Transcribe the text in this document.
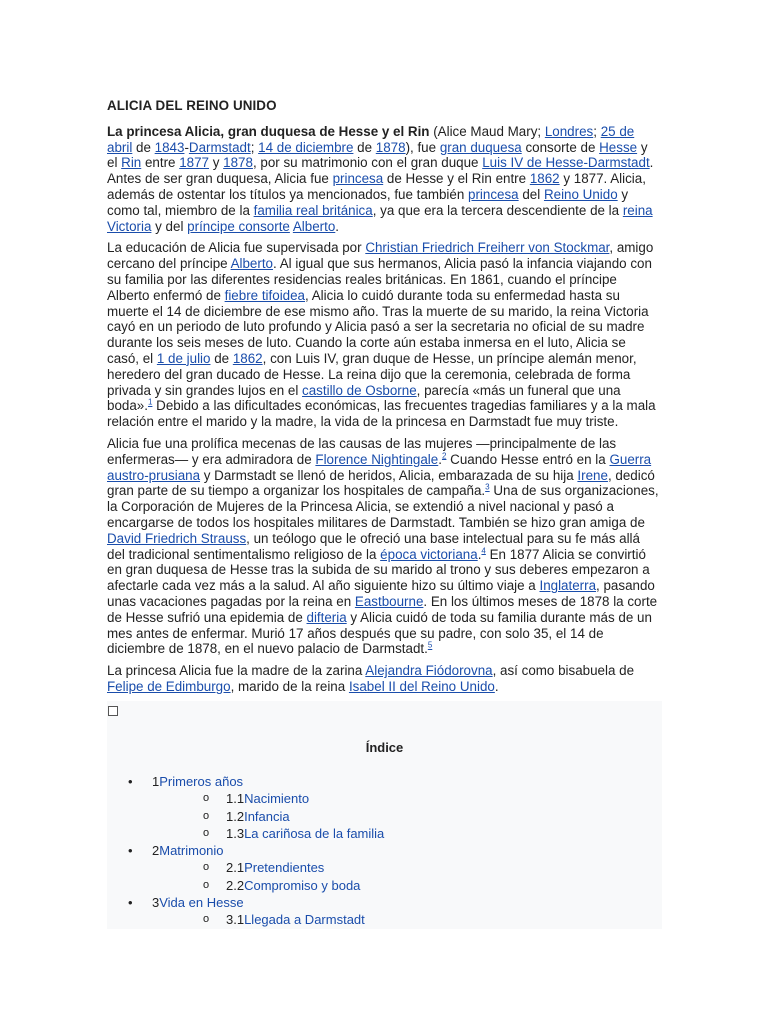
ALICIA DEL REINO UNIDO

La princesa Alicia, gran duquesa de Hesse y el Rin (Alice Maud Mary; Londres; 25 de abril de 1843-Darmstadt; 14 de diciembre de 1878), fue gran duquesa consorte de Hesse y el Rin entre 1877 y 1878, por su matrimonio con el gran duque Luis IV de Hesse-Darmstadt. Antes de ser gran duquesa, Alicia fue princesa de Hesse y el Rin entre 1862 y 1877. Alicia, además de ostentar los títulos ya mencionados, fue también princesa del Reino Unido y como tal, miembro de la familia real británica, ya que era la tercera descendiente de la reina Victoria y del príncipe consorte Alberto.

La educación de Alicia fue supervisada por Christian Friedrich Freiherr von Stockmar, amigo cercano del príncipe Alberto. Al igual que sus hermanos, Alicia pasó la infancia viajando con su familia por las diferentes residencias reales británicas. En 1861, cuando el príncipe Alberto enfermó de fiebre tifoidea, Alicia lo cuidó durante toda su enfermedad hasta su muerte el 14 de diciembre de ese mismo año. Tras la muerte de su marido, la reina Victoria cayó en un periodo de luto profundo y Alicia pasó a ser la secretaria no oficial de su madre durante los seis meses de luto. Cuando la corte aún estaba inmersa en el luto, Alicia se casó, el 1 de julio de 1862, con Luis IV, gran duque de Hesse, un príncipe alemán menor, heredero del gran ducado de Hesse. La reina dijo que la ceremonia, celebrada de forma privada y sin grandes lujos en el castillo de Osborne, parecía «más un funeral que una boda».$^1$ Debido a las dificultades económicas, las frecuentes tragedias familiares y a la mala relación entre el marido y la madre, la vida de la princesa en Darmstadt fue muy triste.

Alicia fue una prolífica mecenas de las causas de las mujeres —principalmente de las enfermeras— y era admiradora de Florence Nightingale.$^2$ Cuando Hesse entró en la Guerra austro-prusiana y Darmstadt se llenó de heridos, Alicia, embarazada de su hija Irene, dedicó gran parte de su tiempo a organizar los hospitales de campaña.$^3$ Una de sus organizaciones, la Corporación de Mujeres de la Princesa Alicia, se extendió a nivel nacional y pasó a encargarse de todos los hospitales militares de Darmstadt. También se hizo gran amiga de David Friedrich Strauss, un teólogo que le ofreció una base intelectual para su fe más allá del tradicional sentimentalismo religioso de la época victoriana.$^4$ En 1877 Alicia se convirtió en gran duquesa de Hesse tras la subida de su marido al trono y sus deberes empezaron a afectarle cada vez más a la salud. Al año siguiente hizo su último viaje a Inglaterra, pasando unas vacaciones pagadas por la reina en Eastbourne. En los últimos meses de 1878 la corte de Hesse sufrió una epidemia de difteria y Alicia cuidó de toda su familia durante más de un mes antes de enfermar. Murió 17 años después que su padre, con solo 35, el 14 de diciembre de 1878, en el nuevo palacio de Darmstadt.$^5$

La princesa Alicia fue la madre de la zarina Alejandra Fiódorovna, así como bisabuela de Felipe de Edimburgo, marido de la reina Isabel II del Reino Unido.

Índice
• 1Primeros años
o 1.1Nacimiento
o 1.2Infancia
o 1.3La cariñosa de la familia
• 2Matrimonio
o 2.1Pretendientes
o 2.2Compromiso y boda
• 3Vida en Hesse
o 3.1Llegada a Darmstadt
